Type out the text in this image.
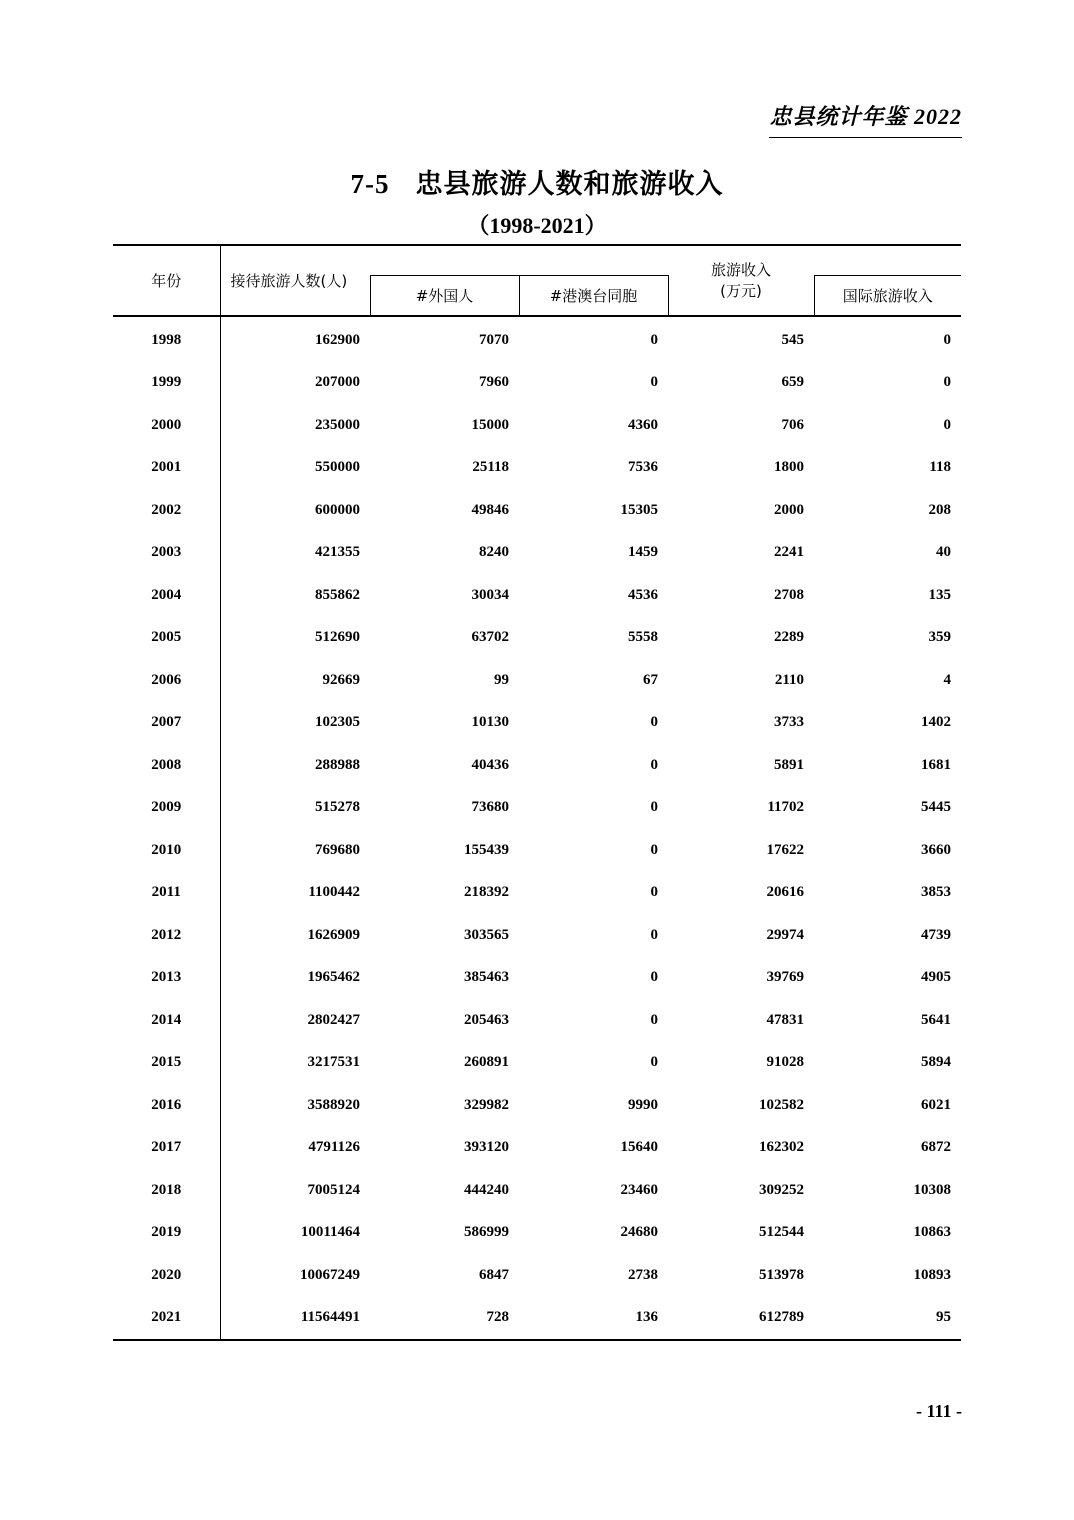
忠县统计年鉴 2022
7-5 忠县旅游人数和旅游收入
（1998-2021）
年份	接待旅游人数(人)			旅游收入
(万元)	

		#外国人	#港澳台同胞		国际旅游收入
1998	162900	7070	0	545	0
1999	207000	7960	0	659	0
2000	235000	15000	4360	706	0
2001	550000	25118	7536	1800	118
2002	600000	49846	15305	2000	208
2003	421355	8240	1459	2241	40
2004	855862	30034	4536	2708	135
2005	512690	63702	5558	2289	359
2006	92669	99	67	2110	4
2007	102305	10130	0	3733	1402
2008	288988	40436	0	5891	1681
2009	515278	73680	0	11702	5445
2010	769680	155439	0	17622	3660
2011	1100442	218392	0	20616	3853
2012	1626909	303565	0	29974	4739
2013	1965462	385463	0	39769	4905
2014	2802427	205463	0	47831	5641
2015	3217531	260891	0	91028	5894
2016	3588920	329982	9990	102582	6021
2017	4791126	393120	15640	162302	6872
2018	7005124	444240	23460	309252	10308
2019	10011464	586999	24680	512544	10863
2020	10067249	6847	2738	513978	10893
2021	11564491	728	136	612789	95
- 111 -
